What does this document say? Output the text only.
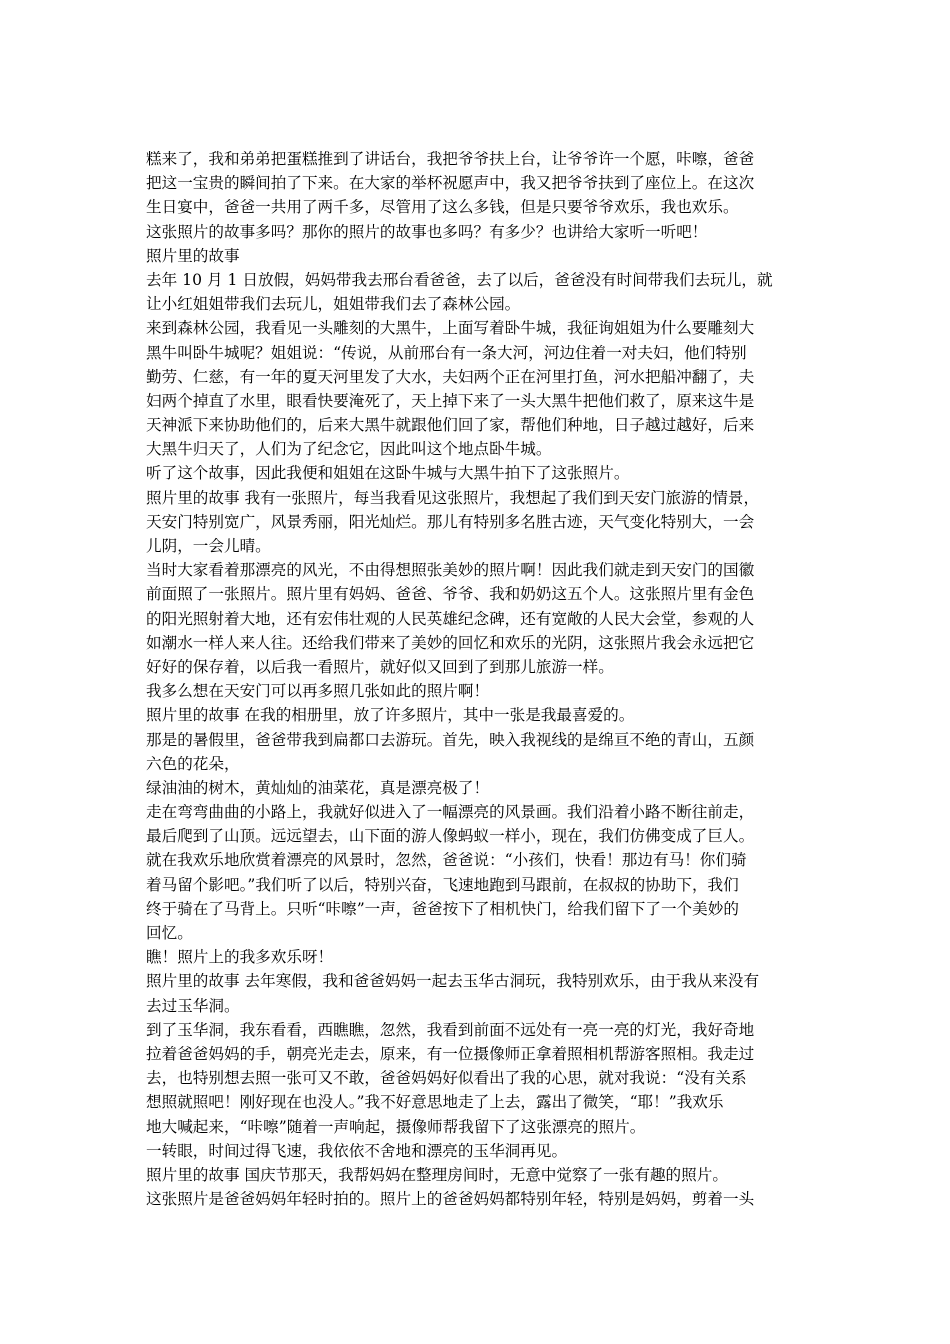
糕来了，我和弟弟把蛋糕推到了讲话台，我把爷爷扶上台，让爷爷许一个愿，咔嚓，爸爸
把这一宝贵的瞬间拍了下来。在大家的举杯祝愿声中，我又把爷爷扶到了座位上。在这次
生日宴中，爸爸一共用了两千多，尽管用了这么多钱，但是只要爷爷欢乐，我也欢乐。
这张照片的故事多吗？那你的照片的故事也多吗？有多少？也讲给大家听一听吧！
照片里的故事
去年 10 月 1 日放假，妈妈带我去邢台看爸爸，去了以后，爸爸没有时间带我们去玩儿，就
让小红姐姐带我们去玩儿，姐姐带我们去了森林公园。
来到森林公园，我看见一头雕刻的大黑牛，上面写着卧牛城，我征询姐姐为什么要雕刻大
黑牛叫卧牛城呢？姐姐说：“传说，从前邢台有一条大河，河边住着一对夫妇，他们特别
勤劳、仁慈，有一年的夏天河里发了大水，夫妇两个正在河里打鱼，河水把船冲翻了，夫
妇两个掉直了水里，眼看快要淹死了，天上掉下来了一头大黑牛把他们救了，原来这牛是
天神派下来协助他们的，后来大黑牛就跟他们回了家，帮他们种地，日子越过越好，后来
大黑牛归天了，人们为了纪念它，因此叫这个地点卧牛城。
听了这个故事，因此我便和姐姐在这卧牛城与大黑牛拍下了这张照片。
照片里的故事 我有一张照片，每当我看见这张照片，我想起了我们到天安门旅游的情景，
天安门特别宽广，风景秀丽，阳光灿烂。那儿有特别多名胜古迹，天气变化特别大，一会
儿阴，一会儿晴。
当时大家看着那漂亮的风光，不由得想照张美妙的照片啊！因此我们就走到天安门的国徽
前面照了一张照片。照片里有妈妈、爸爸、爷爷、我和奶奶这五个人。这张照片里有金色
的阳光照射着大地，还有宏伟壮观的人民英雄纪念碑，还有宽敞的人民大会堂，参观的人
如潮水一样人来人往。还给我们带来了美妙的回忆和欢乐的光阴，这张照片我会永远把它
好好的保存着，以后我一看照片，就好似又回到了到那儿旅游一样。
我多么想在天安门可以再多照几张如此的照片啊！
照片里的故事 在我的相册里，放了许多照片，其中一张是我最喜爱的。
那是的暑假里，爸爸带我到扁都口去游玩。首先，映入我视线的是绵亘不绝的青山，五颜
六色的花朵，
绿油油的树木，黄灿灿的油菜花，真是漂亮极了！
走在弯弯曲曲的小路上，我就好似进入了一幅漂亮的风景画。我们沿着小路不断往前走，
最后爬到了山顶。远远望去，山下面的游人像蚂蚁一样小，现在，我们仿佛变成了巨人。
就在我欢乐地欣赏着漂亮的风景时，忽然，爸爸说：“小孩们，快看！那边有马！你们骑
着马留个影吧。”我们听了以后，特别兴奋，飞速地跑到马跟前，在叔叔的协助下，我们
终于骑在了马背上。只听“咔嚓”一声，爸爸按下了相机快门，给我们留下了一个美妙的
回忆。
瞧！照片上的我多欢乐呀！
照片里的故事 去年寒假，我和爸爸妈妈一起去玉华古洞玩，我特别欢乐，由于我从来没有
去过玉华洞。
到了玉华洞，我东看看，西瞧瞧，忽然，我看到前面不远处有一亮一亮的灯光，我好奇地
拉着爸爸妈妈的手，朝亮光走去，原来，有一位摄像师正拿着照相机帮游客照相。我走过
去，也特别想去照一张可又不敢，爸爸妈妈好似看出了我的心思，就对我说：“没有关系
想照就照吧！刚好现在也没人。”我不好意思地走了上去，露出了微笑，“耶！”我欢乐
地大喊起来，“咔嚓”随着一声响起，摄像师帮我留下了这张漂亮的照片。
一转眼，时间过得飞速，我依依不舍地和漂亮的玉华洞再见。
照片里的故事 国庆节那天，我帮妈妈在整理房间时，无意中觉察了一张有趣的照片。
这张照片是爸爸妈妈年轻时拍的。照片上的爸爸妈妈都特别年轻，特别是妈妈，剪着一头
